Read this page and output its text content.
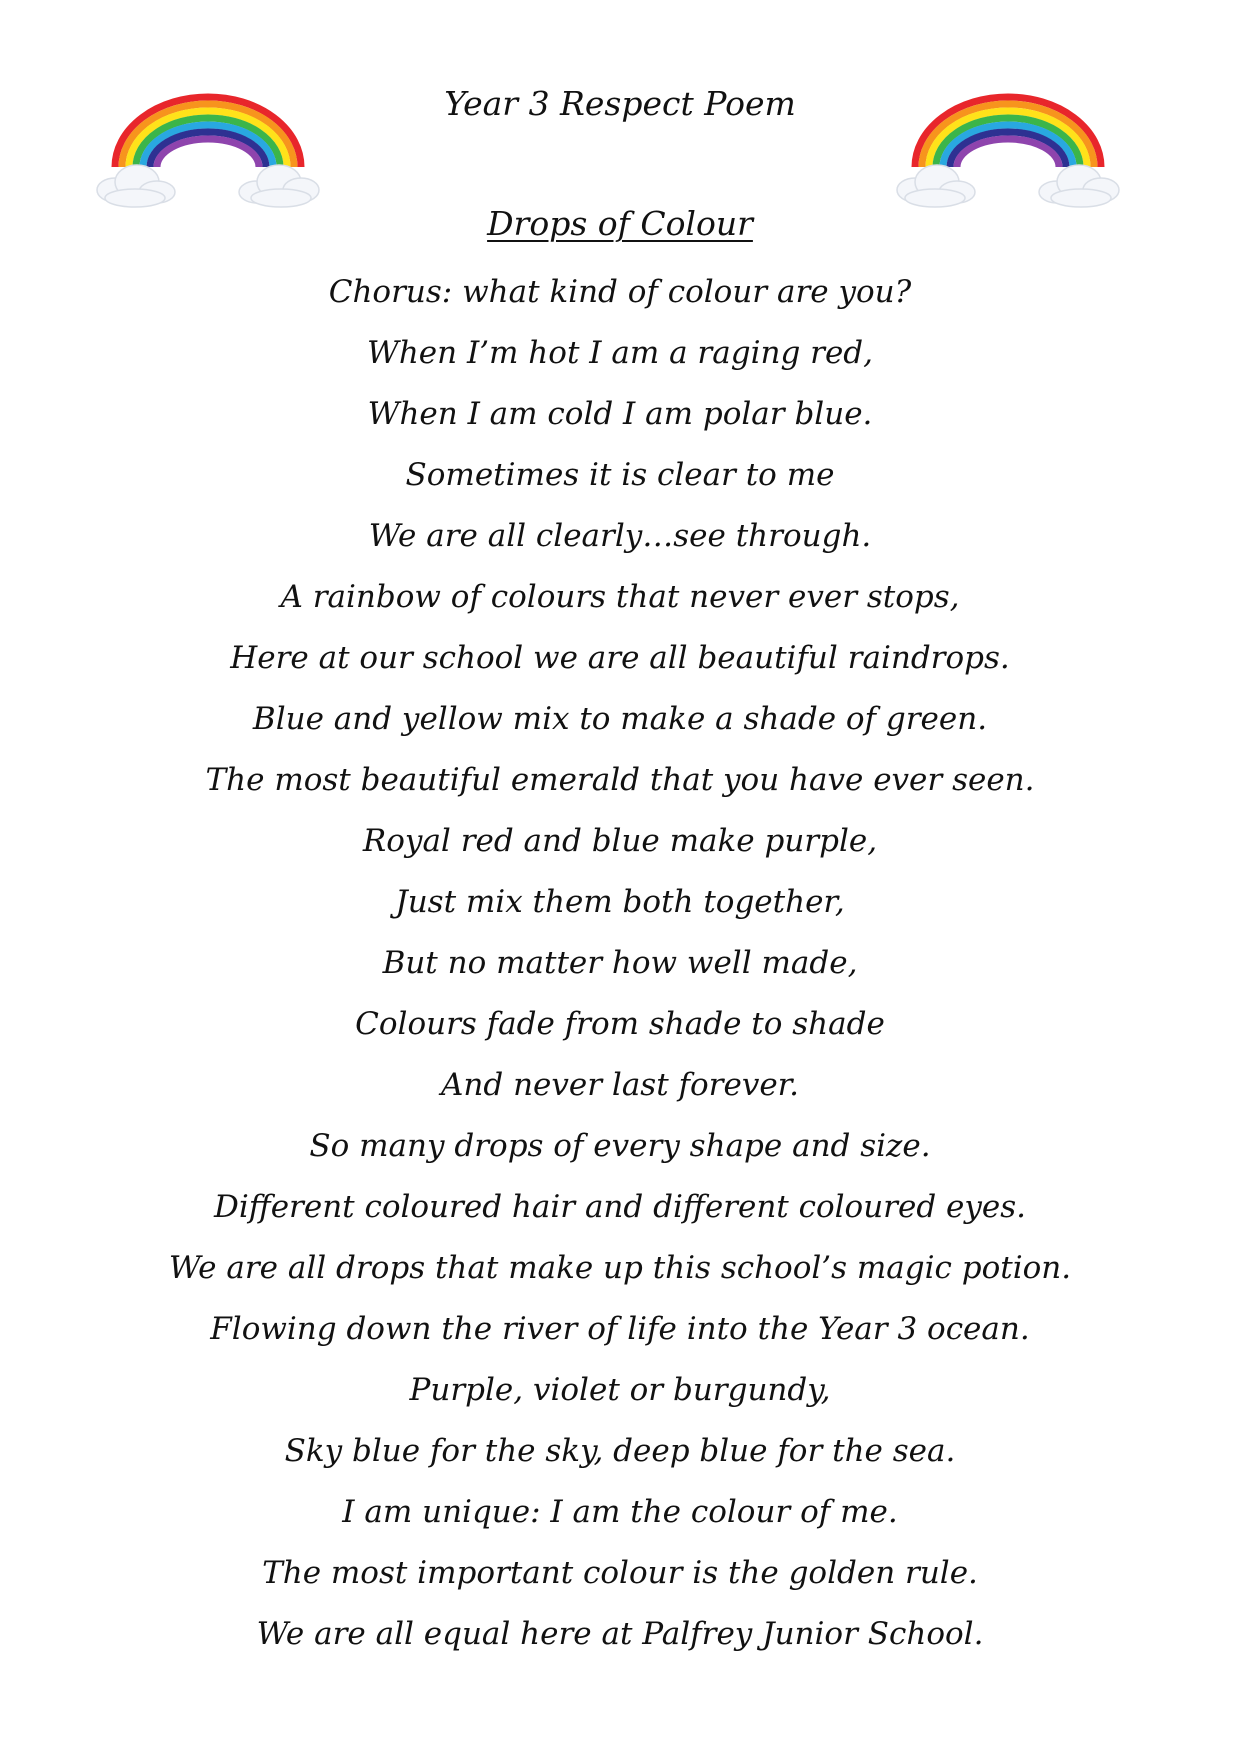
Year 3 Respect Poem
Drops of Colour
Chorus: what kind of colour are you?
When I’m hot I am a raging red,
When I am cold I am polar blue.
Sometimes it is clear to me
We are all clearly…see through.
A rainbow of colours that never ever stops,
Here at our school we are all beautiful raindrops.
Blue and yellow mix to make a shade of green.
The most beautiful emerald that you have ever seen.
Royal red and blue make purple,
Just mix them both together,
But no matter how well made,
Colours fade from shade to shade
And never last forever.
So many drops of every shape and size.
Different coloured hair and different coloured eyes.
We are all drops that make up this school’s magic potion.
Flowing down the river of life into the Year 3 ocean.
Purple, violet or burgundy,
Sky blue for the sky, deep blue for the sea.
I am unique: I am the colour of me.
The most important colour is the golden rule.
We are all equal here at Palfrey Junior School.
